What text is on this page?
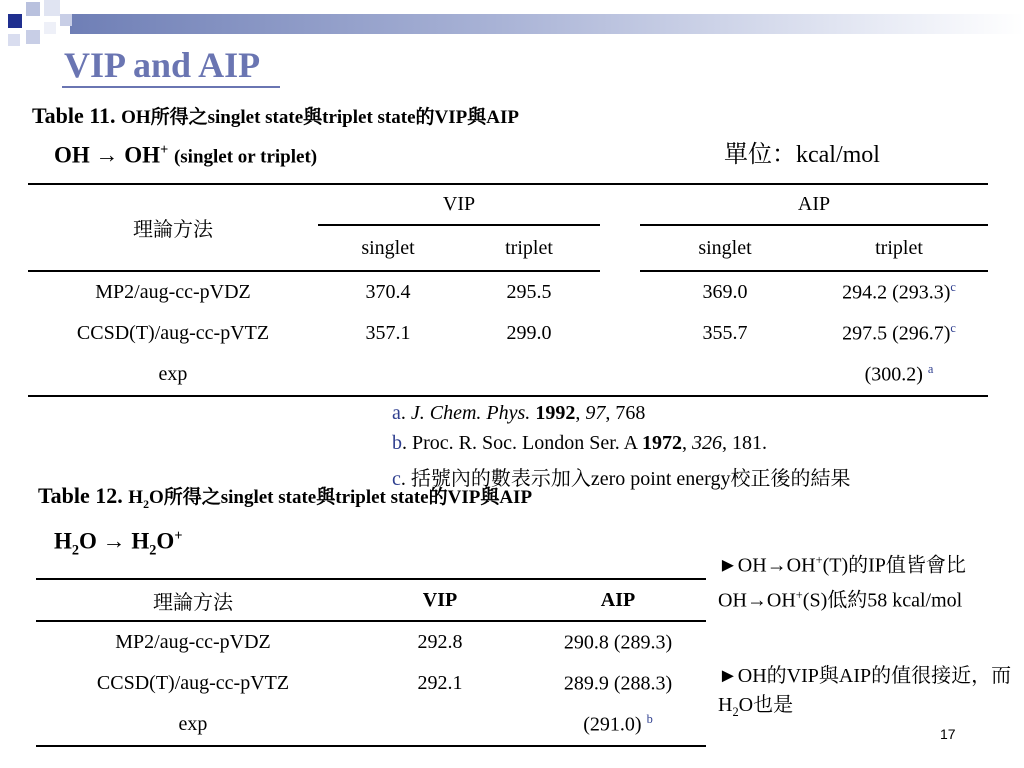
VIP and AIP
Table 11. OH所得之singlet state與triplet state的VIP與AIP
單位：kcal/mol
OH → OH+ (singlet or triplet)
理論方法	VIP			AIP	
	singlet	triplet		singlet	triplet
MP2/aug-cc-pVDZ	370.4	295.5		369.0	294.2 $(293.3)^c$
CCSD(T)/aug-cc-pVTZ	357.1	299.0		355.7	297.5 $(296.7)^c$
exp					(300.2) $^a$
a. J. Chem. Phys. 1992, 97, 768
b. Proc. R. Soc. London Ser. A 1972, 326, 181.
c. 括號內的數表示加入zero point energy校正後的結果
Table 12. $H_2O$所得之singlet state與triplet state的VIP與AIP
$H_2O \to H_2O^+$
理論方法	VIP	AIP
MP2/aug-cc-pVDZ	292.8	290.8 (289.3)
CCSD(T)/aug-cc-pVTZ	292.1	289.9 (288.3)
exp		(291.0) $^b$
►OH→OH+(T)的IP值皆會比OH→OH+(S)低約58 kcal/mol
►OH的VIP與AIP的值很接近，而$H_2O$也是
17
